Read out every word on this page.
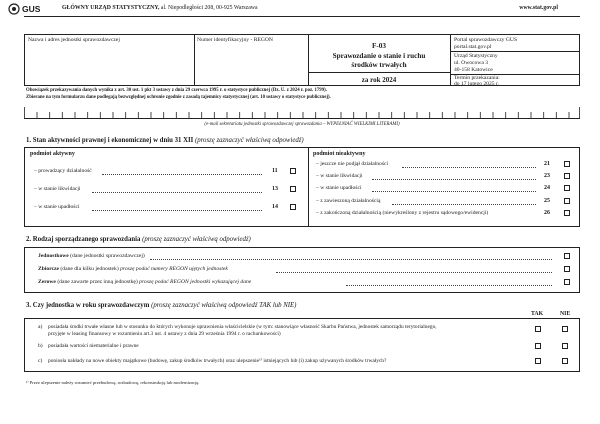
GUS	GŁÓWNY URZĄD STATYSTYCZNY, al. Niepodległości 208, 00-925 Warszawa	www.stat.gov.pl
Nazwa i adres jednostki sprawozdawczej	Numer identyfikacyjny - REGON
F-03
Sprawozdanie o stanie i ruchu
środków trwałych
za rok 2024
Portal sprawozdawczy GUS
portal.stat.gov.pl
Urząd Statystyczny
ul. Owocowa 3
40-158 Katowice
Termin przekazania:
do 17 lutego 2025 r.
Obowiązek przekazywania danych wynika z art. 30 ust. 1 pkt 3 ustawy z dnia 29 czerwca 1995 r. o statystyce publicznej (Dz. U. z 2024 r. poz. 1799).
Zbierane na tym formularzu dane podlegają bezwzględnej ochronie zgodnie z zasadą tajemnicy statystycznej (art. 10 ustawy o statystyce publicznej).
(e-mail sekretariatu jednostki sprawozdawczej sprawozdania – WYPEŁNIAĆ WIELKIMI LITERAMI)
1. Stan aktywności prawnej i ekonomicznej w dniu 31 XII (proszę zaznaczyć właściwą odpowiedź)
podmiot aktywny	podmiot nieaktywny
– prowadzący działalność	11
– w stanie likwidacji	13
– w stanie upadłości	14
– jeszcze nie podjął działalności	21
– w stanie likwidacji	23
– w stanie upadłości	24
– z zawieszoną działalnością	25
– z zakończoną działalnością (niewykreślony z rejestru sądowego/ewidencji)	26
2. Rodzaj sporządzanego sprawozdania (proszę zaznaczyć właściwą odpowiedź)
Jednostkowe (dane jednostki sprawozdawczej)
Zbiorcze (dane dla kilku jednostek) proszę podać numery REGON ujętych jednostek
Zerowe (dane zawarte przez inną jednostkę) proszę podać REGON jednostki wykazującej dane
3. Czy jednostka w roku sprawozdawczym (proszę zaznaczyć właściwą odpowiedź TAK lub NIE)
TAK	NIE
a) posiadała środki trwałe własne lub w stosunku do których wykonuje uprawnienia właścicielskie (w tym: stanowiące własność Skarbu Państwa, jednostek samorządu terytorialnego,
przyjęte w leasing finansowy w rozumieniu art.3 ust. 4 ustawy z dnia 29 września 1994 r. o rachunkowości)
b) posiadała wartości niematerialne i prawne
c) poniosła nakłady na nowe obiekty majątkowe (budowę, zakup środków trwałych) oraz ulepszenie¹⁾ istniejących lub (i) zakup używanych środków trwałych?
¹⁾ Przez ulepszenie należy rozumieć przebudowę, rozbudowę, rekonstrukcję lub modernizację.
